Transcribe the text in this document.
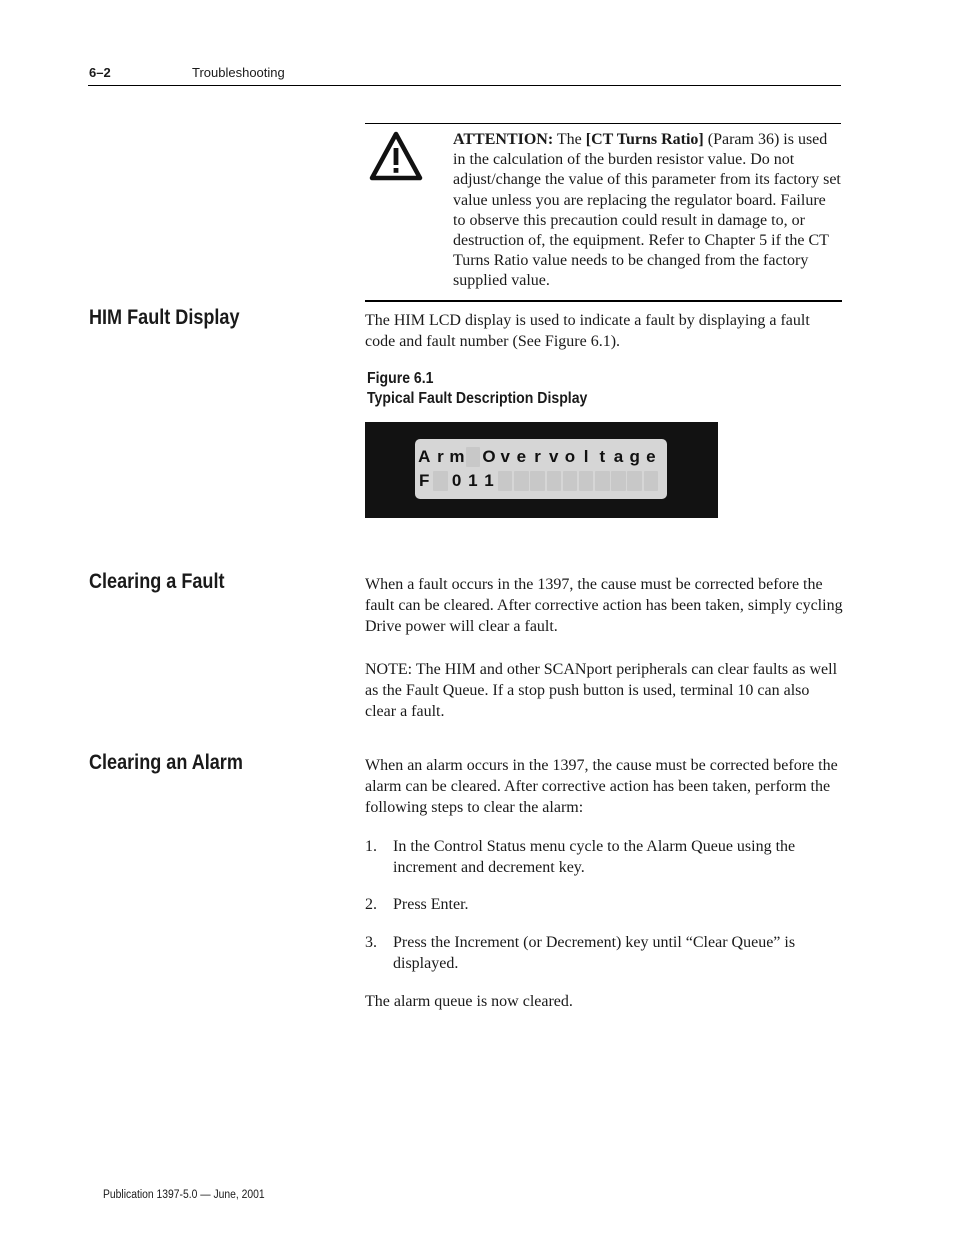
6–2	Troubleshooting
ATTENTION: The [CT Turns Ratio] (Param 36) is used in the calculation of the burden resistor value. Do not adjust/change the value of this parameter from its factory set value unless you are replacing the regulator board. Failure to observe this precaution could result in damage to, or destruction of, the equipment. Refer to Chapter 5 if the CT Turns Ratio value needs to be changed from the factory supplied value.
HIM Fault Display	The HIM LCD display is used to indicate a fault by displaying a fault code and fault number (See Figure 6.1).
Figure 6.1
Typical Fault Description Display
A r m O v e r v o l t a g e
F 0 1 1
Clearing a Fault	When a fault occurs in the 1397, the cause must be corrected before the fault can be cleared. After corrective action has been taken, simply cycling Drive power will clear a fault.
NOTE: The HIM and other SCANport peripherals can clear faults as well as the Fault Queue. If a stop push button is used, terminal 10 can also clear a fault.
Clearing an Alarm	When an alarm occurs in the 1397, the cause must be corrected before the alarm can be cleared. After corrective action has been taken, perform the following steps to clear the alarm:
1. In the Control Status menu cycle to the Alarm Queue using the increment and decrement key.
2. Press Enter.
3. Press the Increment (or Decrement) key until “Clear Queue” is displayed.
The alarm queue is now cleared.
Publication 1397-5.0 — June, 2001
